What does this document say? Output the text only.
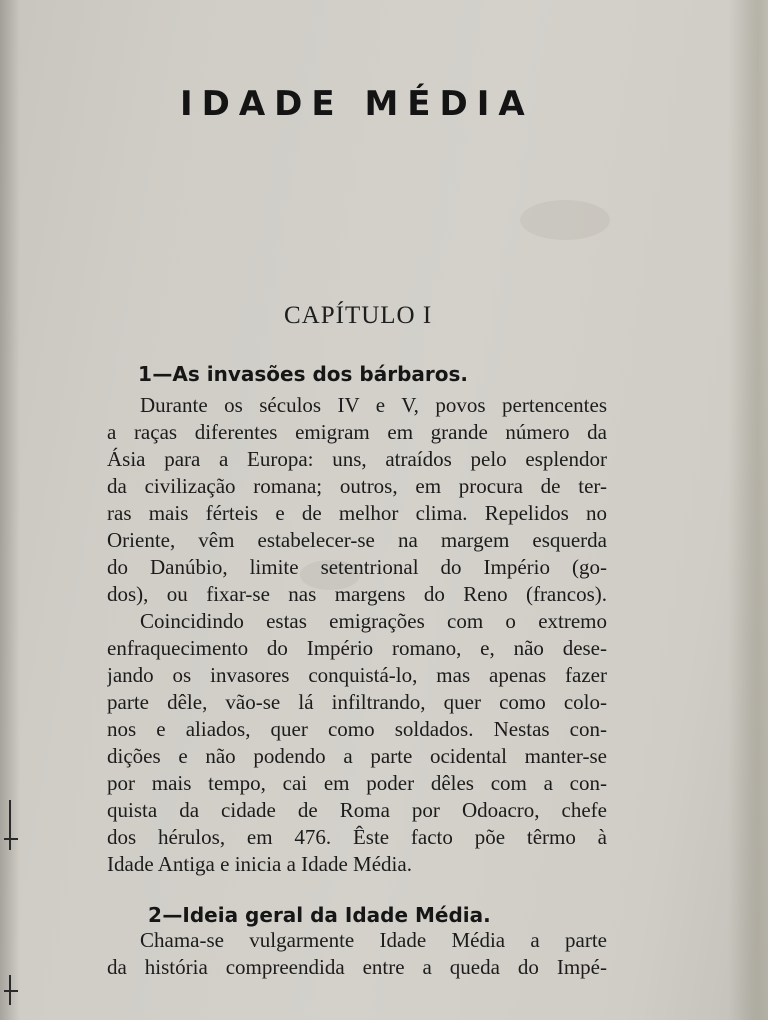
IDADE MÉDIA
CAPÍTULO I
1—As invasões dos bárbaros.
Durante os séculos IV e V, povos pertencentes
a raças diferentes emigram em grande número da
Ásia para a Europa: uns, atraídos pelo esplendor
da civilização romana; outros, em procura de ter-
ras mais férteis e de melhor clima. Repelidos no
Oriente, vêm estabelecer-se na margem esquerda
do Danúbio, limite setentrional do Império (go-
dos), ou fixar-se nas margens do Reno (francos).
Coincidindo estas emigrações com o extremo
enfraquecimento do Império romano, e, não dese-
jando os invasores conquistá-lo, mas apenas fazer
parte dêle, vão-se lá infiltrando, quer como colo-
nos e aliados, quer como soldados. Nestas con-
dições e não podendo a parte ocidental manter-se
por mais tempo, cai em poder dêles com a con-
quista da cidade de Roma por Odoacro, chefe
dos hérulos, em 476. Êste facto põe têrmo à
Idade Antiga e inicia a Idade Média.
2—Ideia geral da Idade Média.
Chama-se vulgarmente Idade Média a parte
da história compreendida entre a queda do Impé-
